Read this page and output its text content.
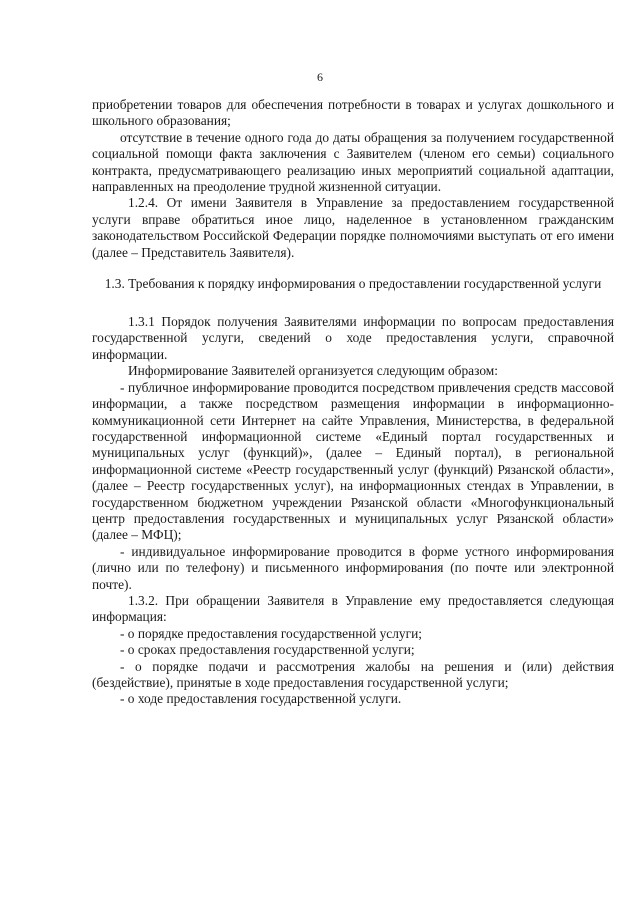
6

приобретении товаров для обеспечения потребности в товарах и услугах дошкольного и школьного образования;

отсутствие в течение одного года до даты обращения за получением государственной социальной помощи факта заключения с Заявителем (членом его семьи) социального контракта, предусматривающего реализацию иных мероприятий социальной адаптации, направленных на преодоление трудной жизненной ситуации.

1.2.4. От имени Заявителя в Управление за предоставлением государственной услуги вправе обратиться иное лицо, наделенное в установленном гражданским законодательством Российской Федерации порядке полномочиями выступать от его имени (далее – Представитель Заявителя).

1.3. Требования к порядку информирования о предоставлении государственной услуги

1.3.1 Порядок получения Заявителями информации по вопросам предоставления государственной услуги, сведений о ходе предоставления услуги, справочной информации.

Информирование Заявителей организуется следующим образом:

- публичное информирование проводится посредством привлечения средств массовой информации, а также посредством размещения информации в информационно-коммуникационной сети Интернет на сайте Управления, Министерства, в федеральной государственной информационной системе «Единый портал государственных и муниципальных услуг (функций)», (далее – Единый портал), в региональной информационной системе «Реестр государственный услуг (функций) Рязанской области», (далее – Реестр государственных услуг), на информационных стендах в Управлении, в государственном бюджетном учреждении Рязанской области «Многофункциональный центр предоставления государственных и муниципальных услуг Рязанской области» (далее – МФЦ);

- индивидуальное информирование проводится в форме устного информирования (лично или по телефону) и письменного информирования (по почте или электронной почте).

1.3.2. При обращении Заявителя в Управление ему предоставляется следующая информация:

- о порядке предоставления государственной услуги;

- о сроках предоставления государственной услуги;

- о порядке подачи и рассмотрения жалобы на решения и (или) действия (бездействие), принятые в ходе предоставления государственной услуги;

- о ходе предоставления государственной услуги.
